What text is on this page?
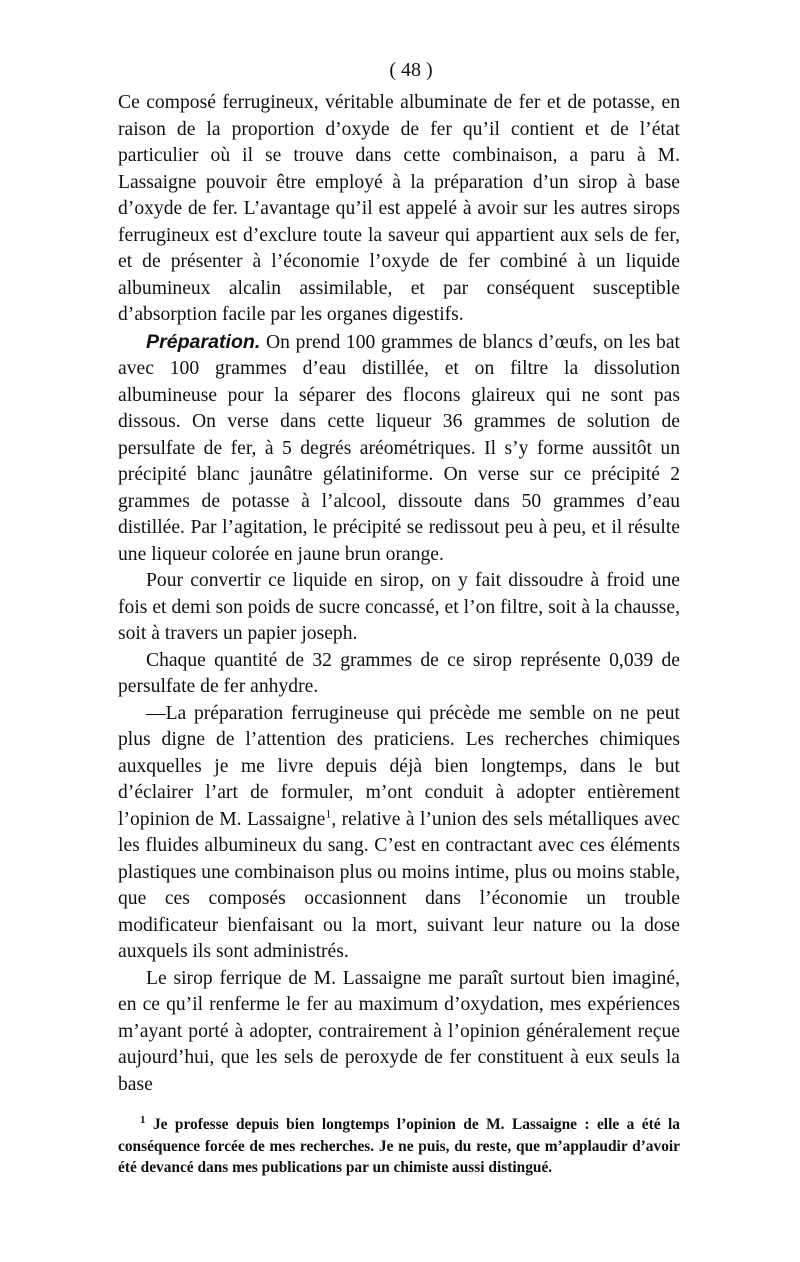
( 48 )

Ce composé ferrugineux, véritable albuminate de fer et de potasse, en raison de la proportion d’oxyde de fer qu’il contient et de l’état particulier où il se trouve dans cette combinaison, a paru à M. Lassaigne pouvoir être employé à la préparation d’un sirop à base d’oxyde de fer. L’avantage qu’il est appelé à avoir sur les autres sirops ferrugineux est d’exclure toute la saveur qui appartient aux sels de fer, et de présenter à l’économie l’oxyde de fer combiné à un liquide albumineux alcalin assimilable, et par conséquent susceptible d’absorption facile par les organes digestifs.

Préparation. On prend 100 grammes de blancs d’œufs, on les bat avec 100 grammes d’eau distillée, et on filtre la dissolution albumineuse pour la séparer des flocons glaireux qui ne sont pas dissous. On verse dans cette liqueur 36 grammes de solution de persulfate de fer, à 5 degrés aréométriques. Il s’y forme aussitôt un précipité blanc jaunâtre gélatiniforme. On verse sur ce précipité 2 grammes de potasse à l’alcool, dissoute dans 50 grammes d’eau distillée. Par l’agitation, le précipité se redissout peu à peu, et il résulte une liqueur colorée en jaune brun orange.

Pour convertir ce liquide en sirop, on y fait dissoudre à froid une fois et demi son poids de sucre concassé, et l’on filtre, soit à la chausse, soit à travers un papier joseph.

Chaque quantité de 32 grammes de ce sirop représente 0,039 de persulfate de fer anhydre.

—La préparation ferrugineuse qui précède me semble on ne peut plus digne de l’attention des praticiens. Les recherches chimiques auxquelles je me livre depuis déjà bien longtemps, dans le but d’éclairer l’art de formuler, m’ont conduit à adopter entièrement l’opinion de M. Lassaigne$^1$, relative à l’union des sels métalliques avec les fluides albumineux du sang. C’est en contractant avec ces éléments plastiques une combinaison plus ou moins intime, plus ou moins stable, que ces composés occasionnent dans l’économie un trouble modificateur bienfaisant ou la mort, suivant leur nature ou la dose auxquels ils sont administrés.

Le sirop ferrique de M. Lassaigne me paraît surtout bien imaginé, en ce qu’il renferme le fer au maximum d’oxydation, mes expériences m’ayant porté à adopter, contrairement à l’opinion généralement reçue aujourd’hui, que les sels de peroxyde de fer constituent à eux seuls la base

$^1$ Je professe depuis bien longtemps l’opinion de M. Lassaigne : elle a été la conséquence forcée de mes recherches. Je ne puis, du reste, que m’applaudir d’avoir été devancé dans mes publications par un chimiste aussi distingué.
